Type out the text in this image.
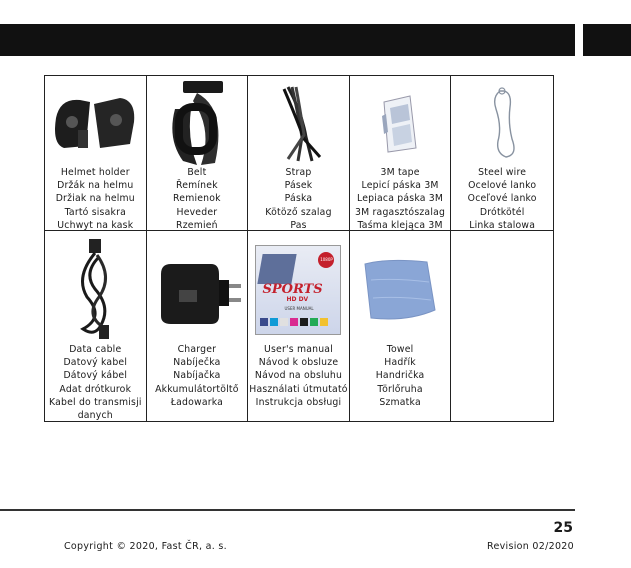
Helmet holder
Držák na helmu
Držiak na helmu
Tartó sisakra
Uchwyt na kask
Belt
Řemínek
Remienok
Heveder
Rzemień
Strap
Pásek
Páska
Kötöző szalag
Pas
3M tape
Lepicí páska 3M
Lepiaca páska 3M
3M ragasztószalag
Taśma klejąca 3M
Steel wire
Ocelové lanko
Oceľové lanko
Drótkötél
Linka stalowa
Data cable
Datový kabel
Dátový kábel
Adat drótkurok
Kabel do transmisji
danych
Charger
Nabíječka
Nabíjačka
Akkumulátortöltő
Ładowarka
1080P
SPORTS
HD DV
USER MANUAL
User's manual
Návod k obsluze
Návod na obsluhu
Használati útmutató
Instrukcja obsługi
Towel
Hadřík
Handrička
Törlőruha
Szmatka
25
Copyright © 2020, Fast ČR, a. s.	Revision 02/2020
